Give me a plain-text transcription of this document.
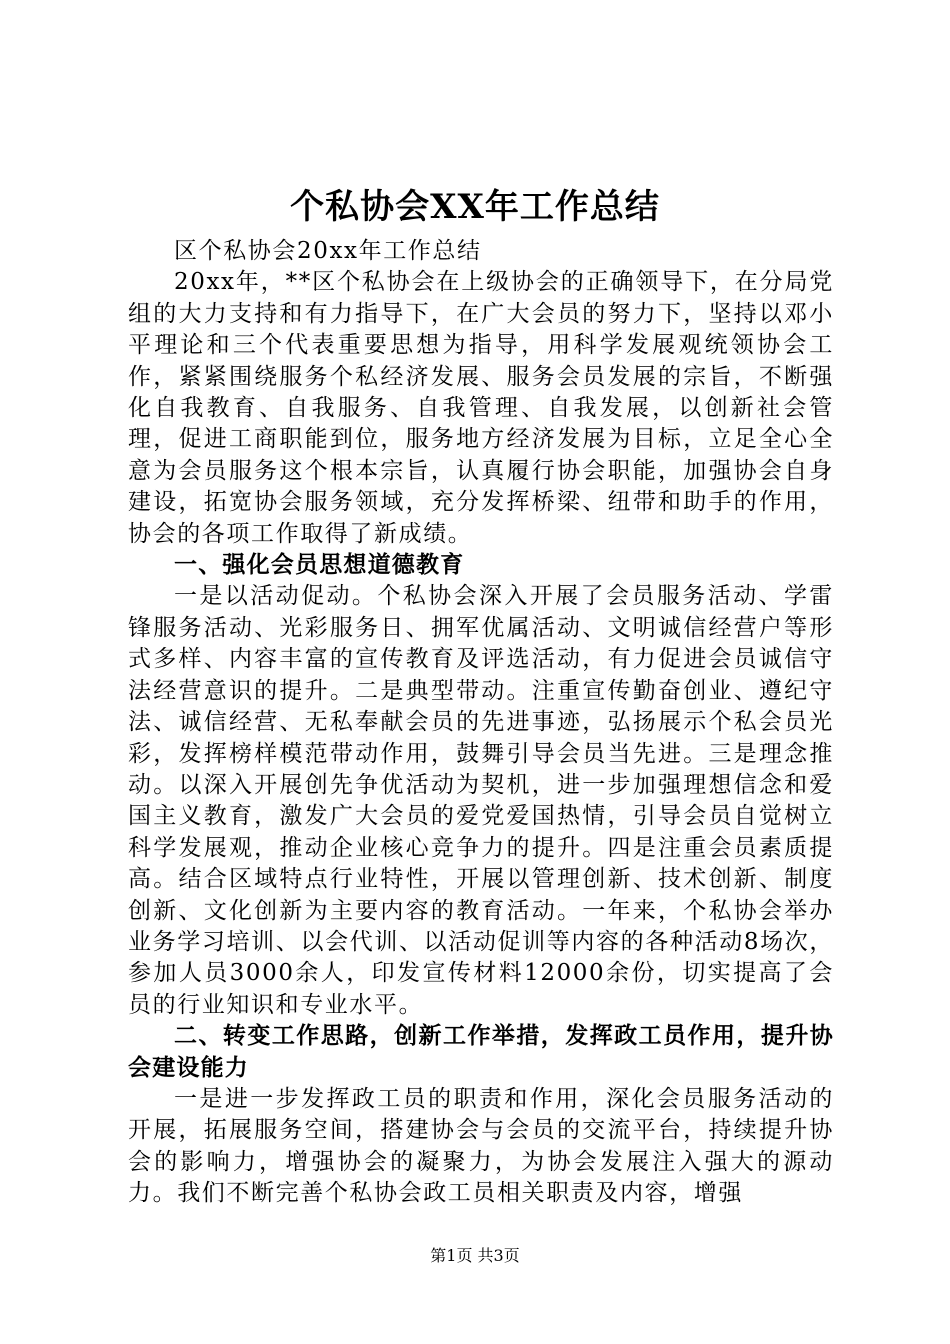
个私协会XX年工作总结

区个私协会20xx年工作总结

20xx年，**区个私协会在上级协会的正确领导下，在分局党组的大力支持和有力指导下，在广大会员的努力下，坚持以邓小平理论和三个代表重要思想为指导，用科学发展观统领协会工作，紧紧围绕服务个私经济发展、服务会员发展的宗旨，不断强化自我教育、自我服务、自我管理、自我发展，以创新社会管理，促进工商职能到位，服务地方经济发展为目标，立足全心全意为会员服务这个根本宗旨，认真履行协会职能，加强协会自身建设，拓宽协会服务领域，充分发挥桥梁、纽带和助手的作用，协会的各项工作取得了新成绩。

一、强化会员思想道德教育

一是以活动促动。个私协会深入开展了会员服务活动、学雷锋服务活动、光彩服务日、拥军优属活动、文明诚信经营户等形式多样、内容丰富的宣传教育及评选活动，有力促进会员诚信守法经营意识的提升。二是典型带动。注重宣传勤奋创业、遵纪守法、诚信经营、无私奉献会员的先进事迹，弘扬展示个私会员光彩，发挥榜样模范带动作用，鼓舞引导会员当先进。三是理念推动。以深入开展创先争优活动为契机，进一步加强理想信念和爱国主义教育，激发广大会员的爱党爱国热情，引导会员自觉树立科学发展观，推动企业核心竞争力的提升。四是注重会员素质提高。结合区域特点行业特性，开展以管理创新、技术创新、制度创新、文化创新为主要内容的教育活动。一年来，个私协会举办业务学习培训、以会代训、以活动促训等内容的各种活动8场次，参加人员3000余人，印发宣传材料12000余份，切实提高了会员的行业知识和专业水平。

二、转变工作思路，创新工作举措，发挥政工员作用，提升协会建设能力

一是进一步发挥政工员的职责和作用，深化会员服务活动的开展，拓展服务空间，搭建协会与会员的交流平台，持续提升协会的影响力，增强协会的凝聚力，为协会发展注入强大的源动力。我们不断完善个私协会政工员相关职责及内容，增强

第1页 共3页
